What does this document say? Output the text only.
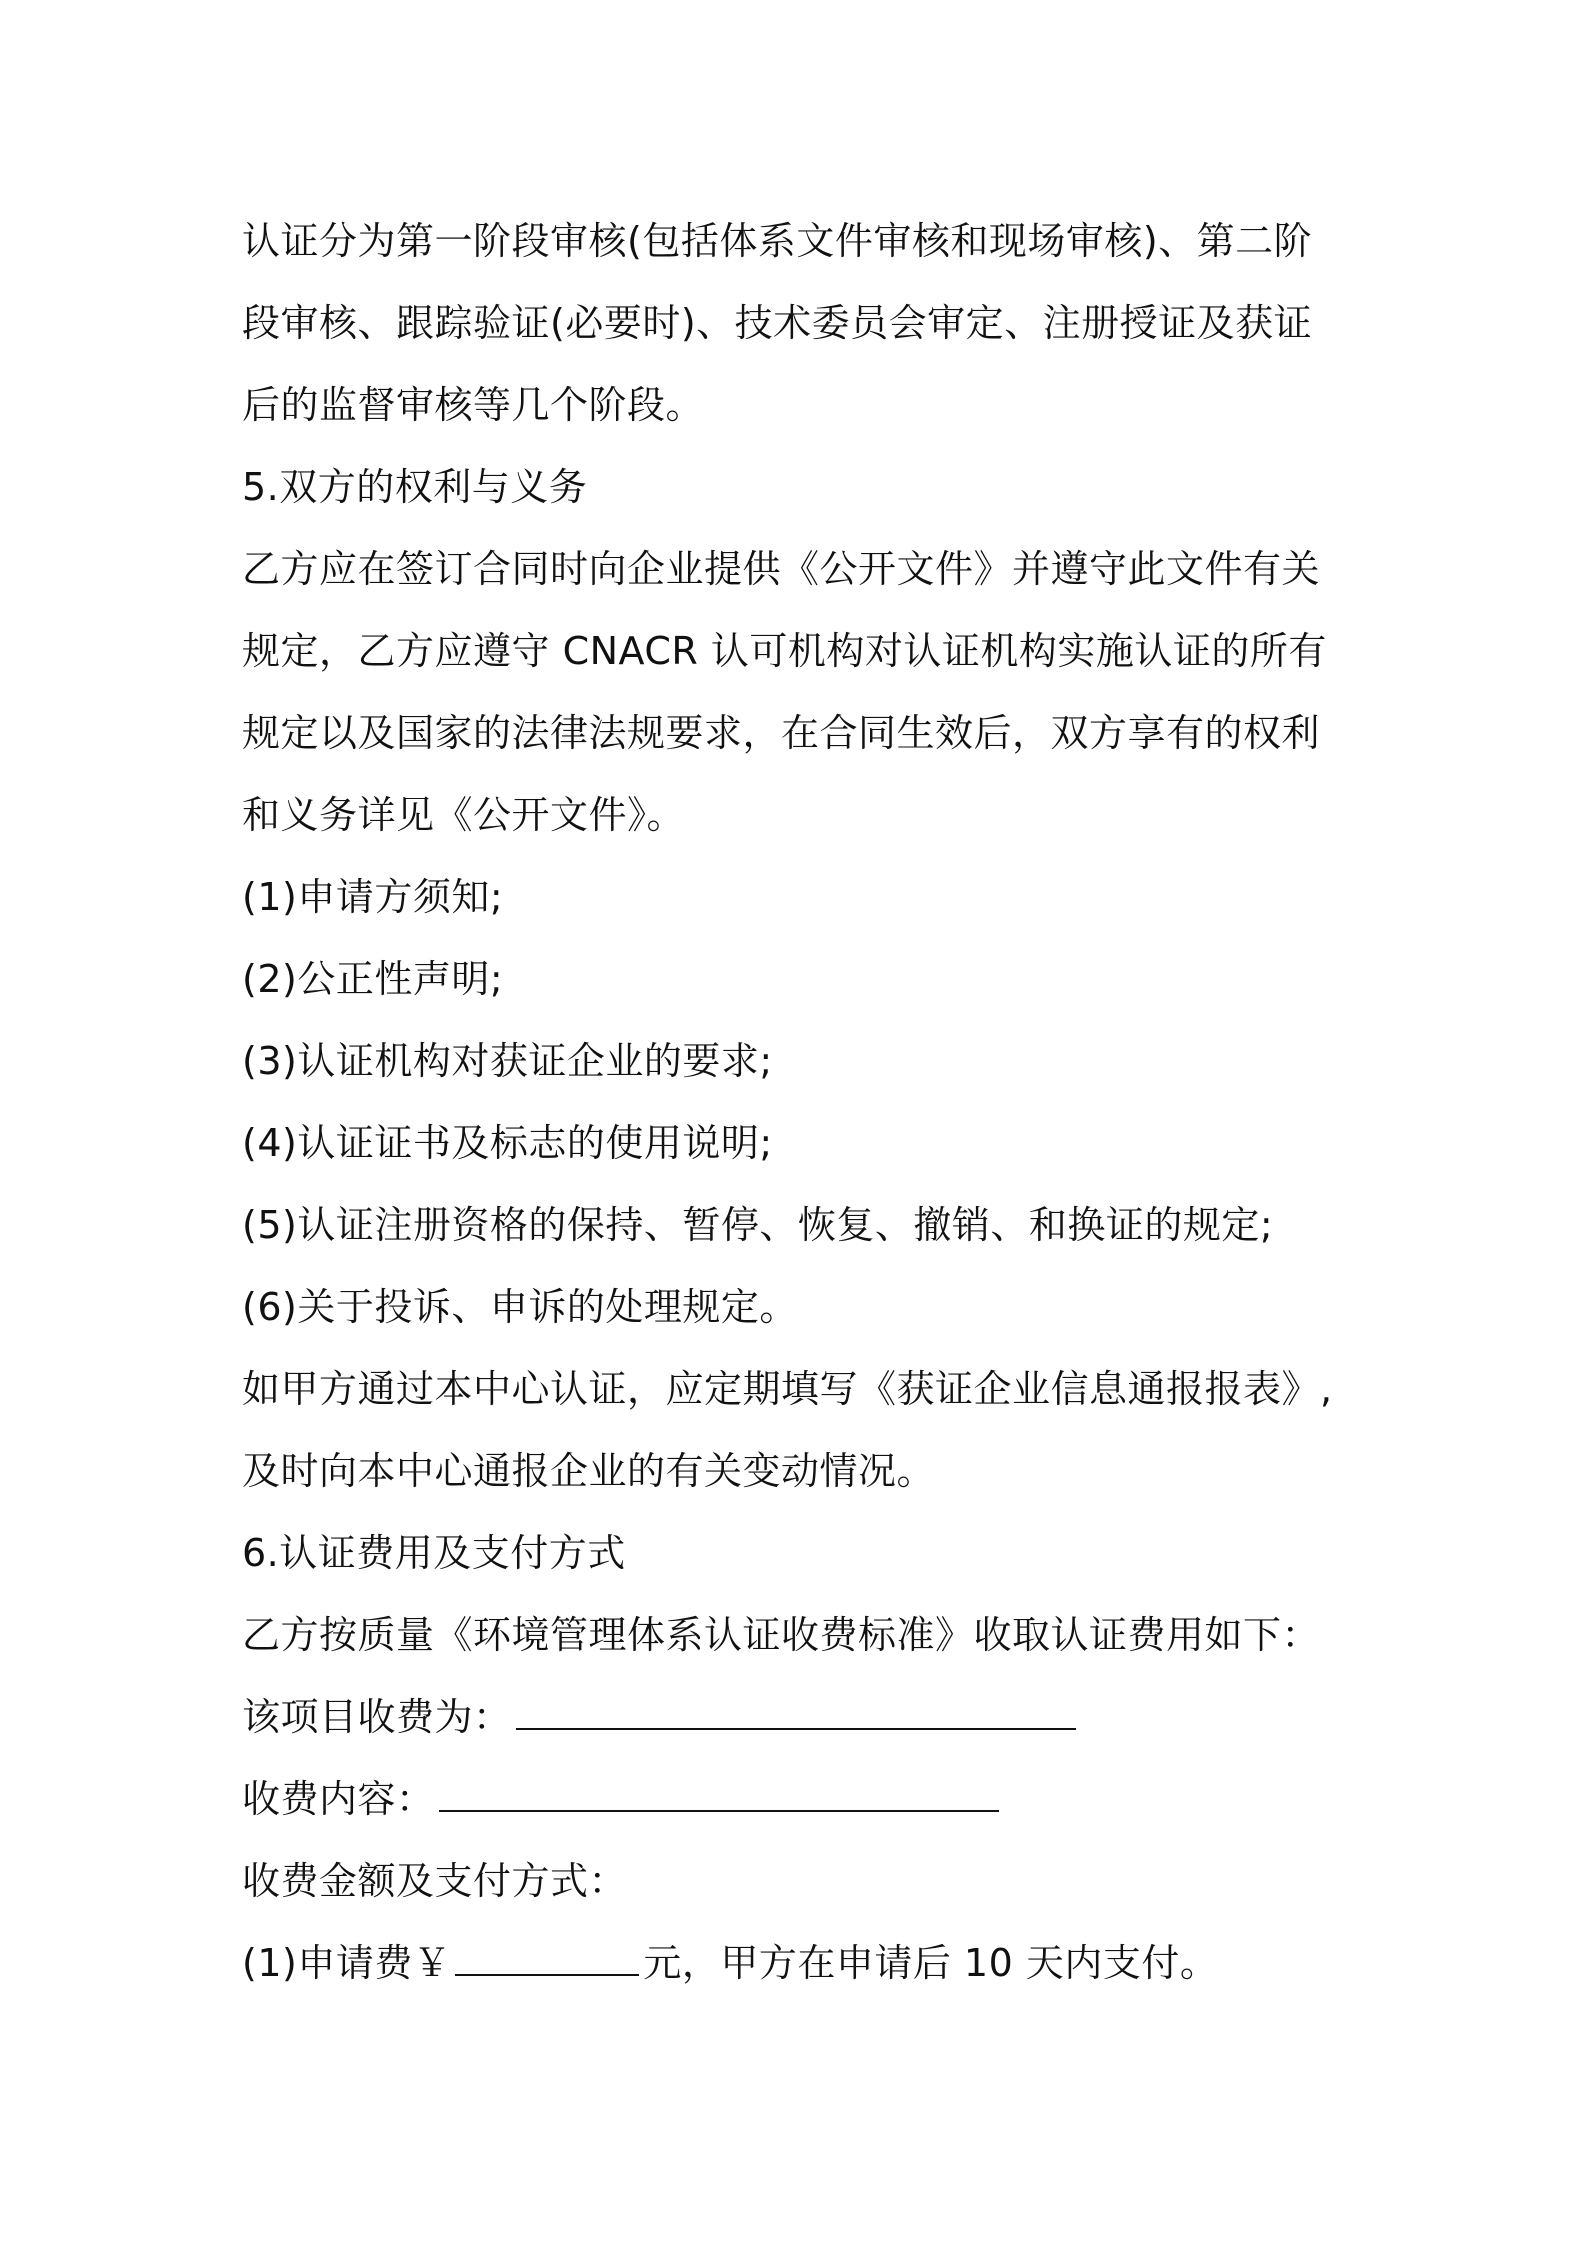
认证分为第一阶段审核(包括体系文件审核和现场审核)、第二阶
段审核、跟踪验证(必要时)、技术委员会审定、注册授证及获证
后的监督审核等几个阶段。
5.双方的权利与义务
乙方应在签订合同时向企业提供《公开文件》并遵守此文件有关
规定，乙方应遵守 CNACR 认可机构对认证机构实施认证的所有
规定以及国家的法律法规要求，在合同生效后，双方享有的权利
和义务详见《公开文件》。
(1)申请方须知;
(2)公正性声明;
(3)认证机构对获证企业的要求;
(4)认证证书及标志的使用说明;
(5)认证注册资格的保持、暂停、恢复、撤销、和换证的规定;
(6)关于投诉、申诉的处理规定。
如甲方通过本中心认证，应定期填写《获证企业信息通报报表》,
及时向本中心通报企业的有关变动情况。
6.认证费用及支付方式
乙方按质量《环境管理体系认证收费标准》收取认证费用如下：
该项目收费为：
收费内容：
收费金额及支付方式：
(1)申请费￥	元，甲方在申请后 10 天内支付。
